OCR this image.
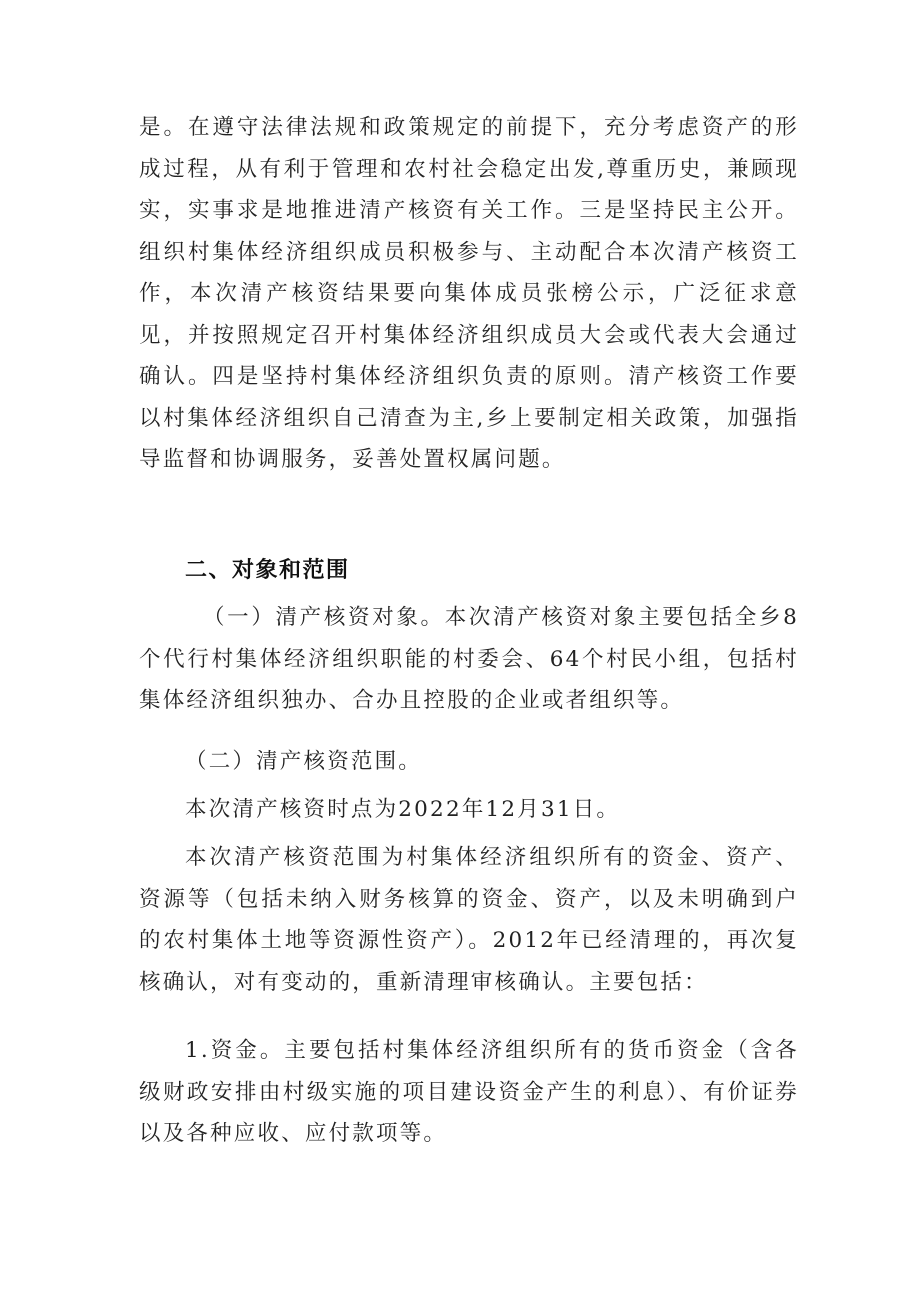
是。在遵守法律法规和政策规定的前提下，充分考虑资产的形成过程，从有利于管理和农村社会稳定出发,尊重历史，兼顾现实，实事求是地推进清产核资有关工作。三是坚持民主公开。组织村集体经济组织成员积极参与、主动配合本次清产核资工作，本次清产核资结果要向集体成员张榜公示，广泛征求意见，并按照规定召开村集体经济组织成员大会或代表大会通过确认。四是坚持村集体经济组织负责的原则。清产核资工作要以村集体经济组织自己清查为主,乡上要制定相关政策，加强指导监督和协调服务，妥善处置权属问题。

二、对象和范围

（一）清产核资对象。本次清产核资对象主要包括全乡8个代行村集体经济组织职能的村委会、64个村民小组，包括村集体经济组织独办、合办且控股的企业或者组织等。

（二）清产核资范围。

本次清产核资时点为2022年12月31日。

本次清产核资范围为村集体经济组织所有的资金、资产、资源等（包括未纳入财务核算的资金、资产，以及未明确到户的农村集体土地等资源性资产）。2012年已经清理的，再次复核确认，对有变动的，重新清理审核确认。主要包括：

1.资金。主要包括村集体经济组织所有的货币资金（含各级财政安排由村级实施的项目建设资金产生的利息）、有价证券以及各种应收、应付款项等。
